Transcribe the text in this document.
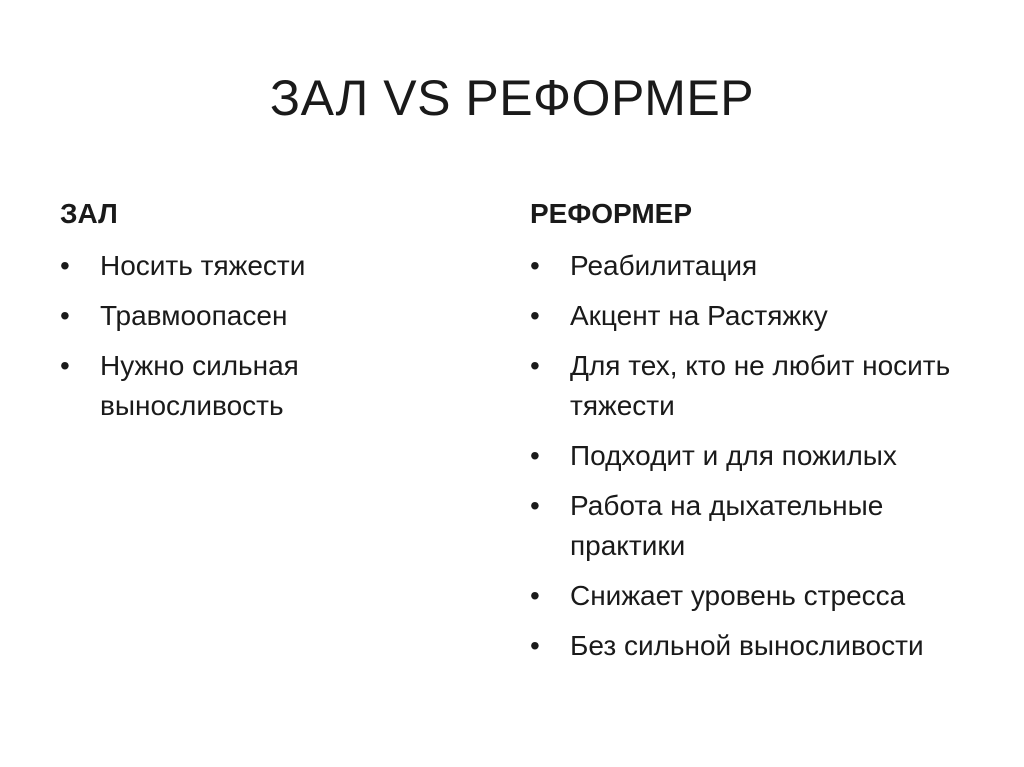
ЗАЛ VS РЕФОРМЕР
ЗАЛ
•	Носить тяжести
•	Травмоопасен
•	Нужно сильная выносливость
РЕФОРМЕР
•	Реабилитация
•	Акцент на Растяжку
•	Для тех, кто не любит носить тяжести
•	Подходит и для пожилых
•	Работа на дыхательные практики
•	Снижает уровень стресса
•	Без сильной выносливости
